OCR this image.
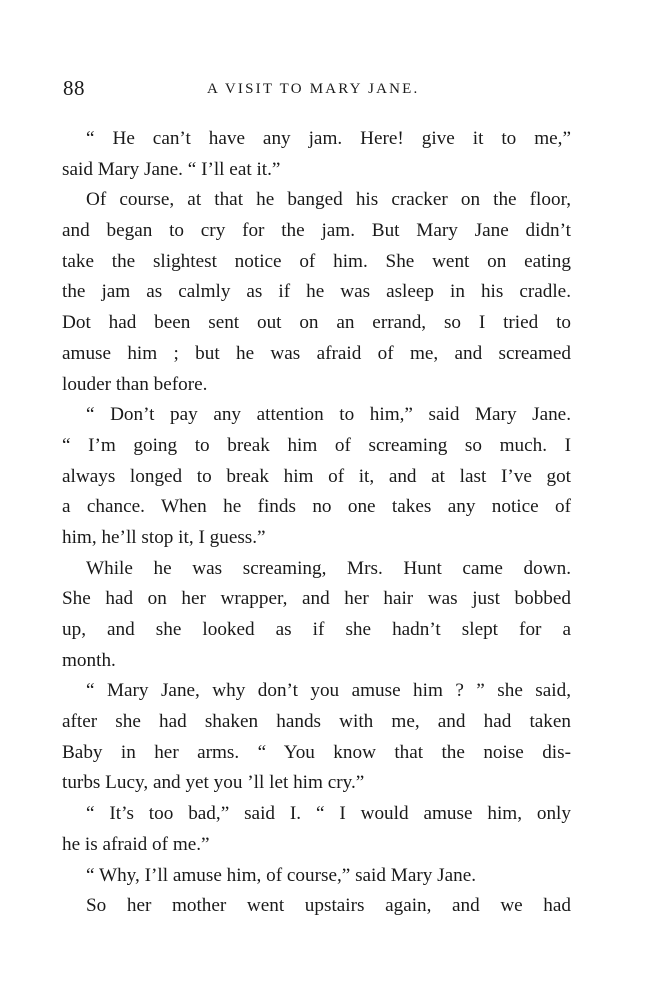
88	A VISIT TO MARY JANE.
“ He can’t have any jam. Here! give it to me,”
said Mary Jane. “ I’ll eat it.”
Of course, at that he banged his cracker on the floor,
and began to cry for the jam. But Mary Jane didn’t
take the slightest notice of him. She went on eating
the jam as calmly as if he was asleep in his cradle.
Dot had been sent out on an errand, so I tried to
amuse him ; but he was afraid of me, and screamed
louder than before.
“ Don’t pay any attention to him,” said Mary Jane.
“ I’m going to break him of screaming so much. I
always longed to break him of it, and at last I’ve got
a chance. When he finds no one takes any notice of
him, he’ll stop it, I guess.”
While he was screaming, Mrs. Hunt came down.
She had on her wrapper, and her hair was just bobbed
up, and she looked as if she hadn’t slept for a
month.
“ Mary Jane, why don’t you amuse him ? ” she said,
after she had shaken hands with me, and had taken
Baby in her arms. “ You know that the noise dis-
turbs Lucy, and yet you ’ll let him cry.”
“ It’s too bad,” said I. “ I would amuse him, only
he is afraid of me.”
“ Why, I’ll amuse him, of course,” said Mary Jane.
So her mother went upstairs again, and we had
